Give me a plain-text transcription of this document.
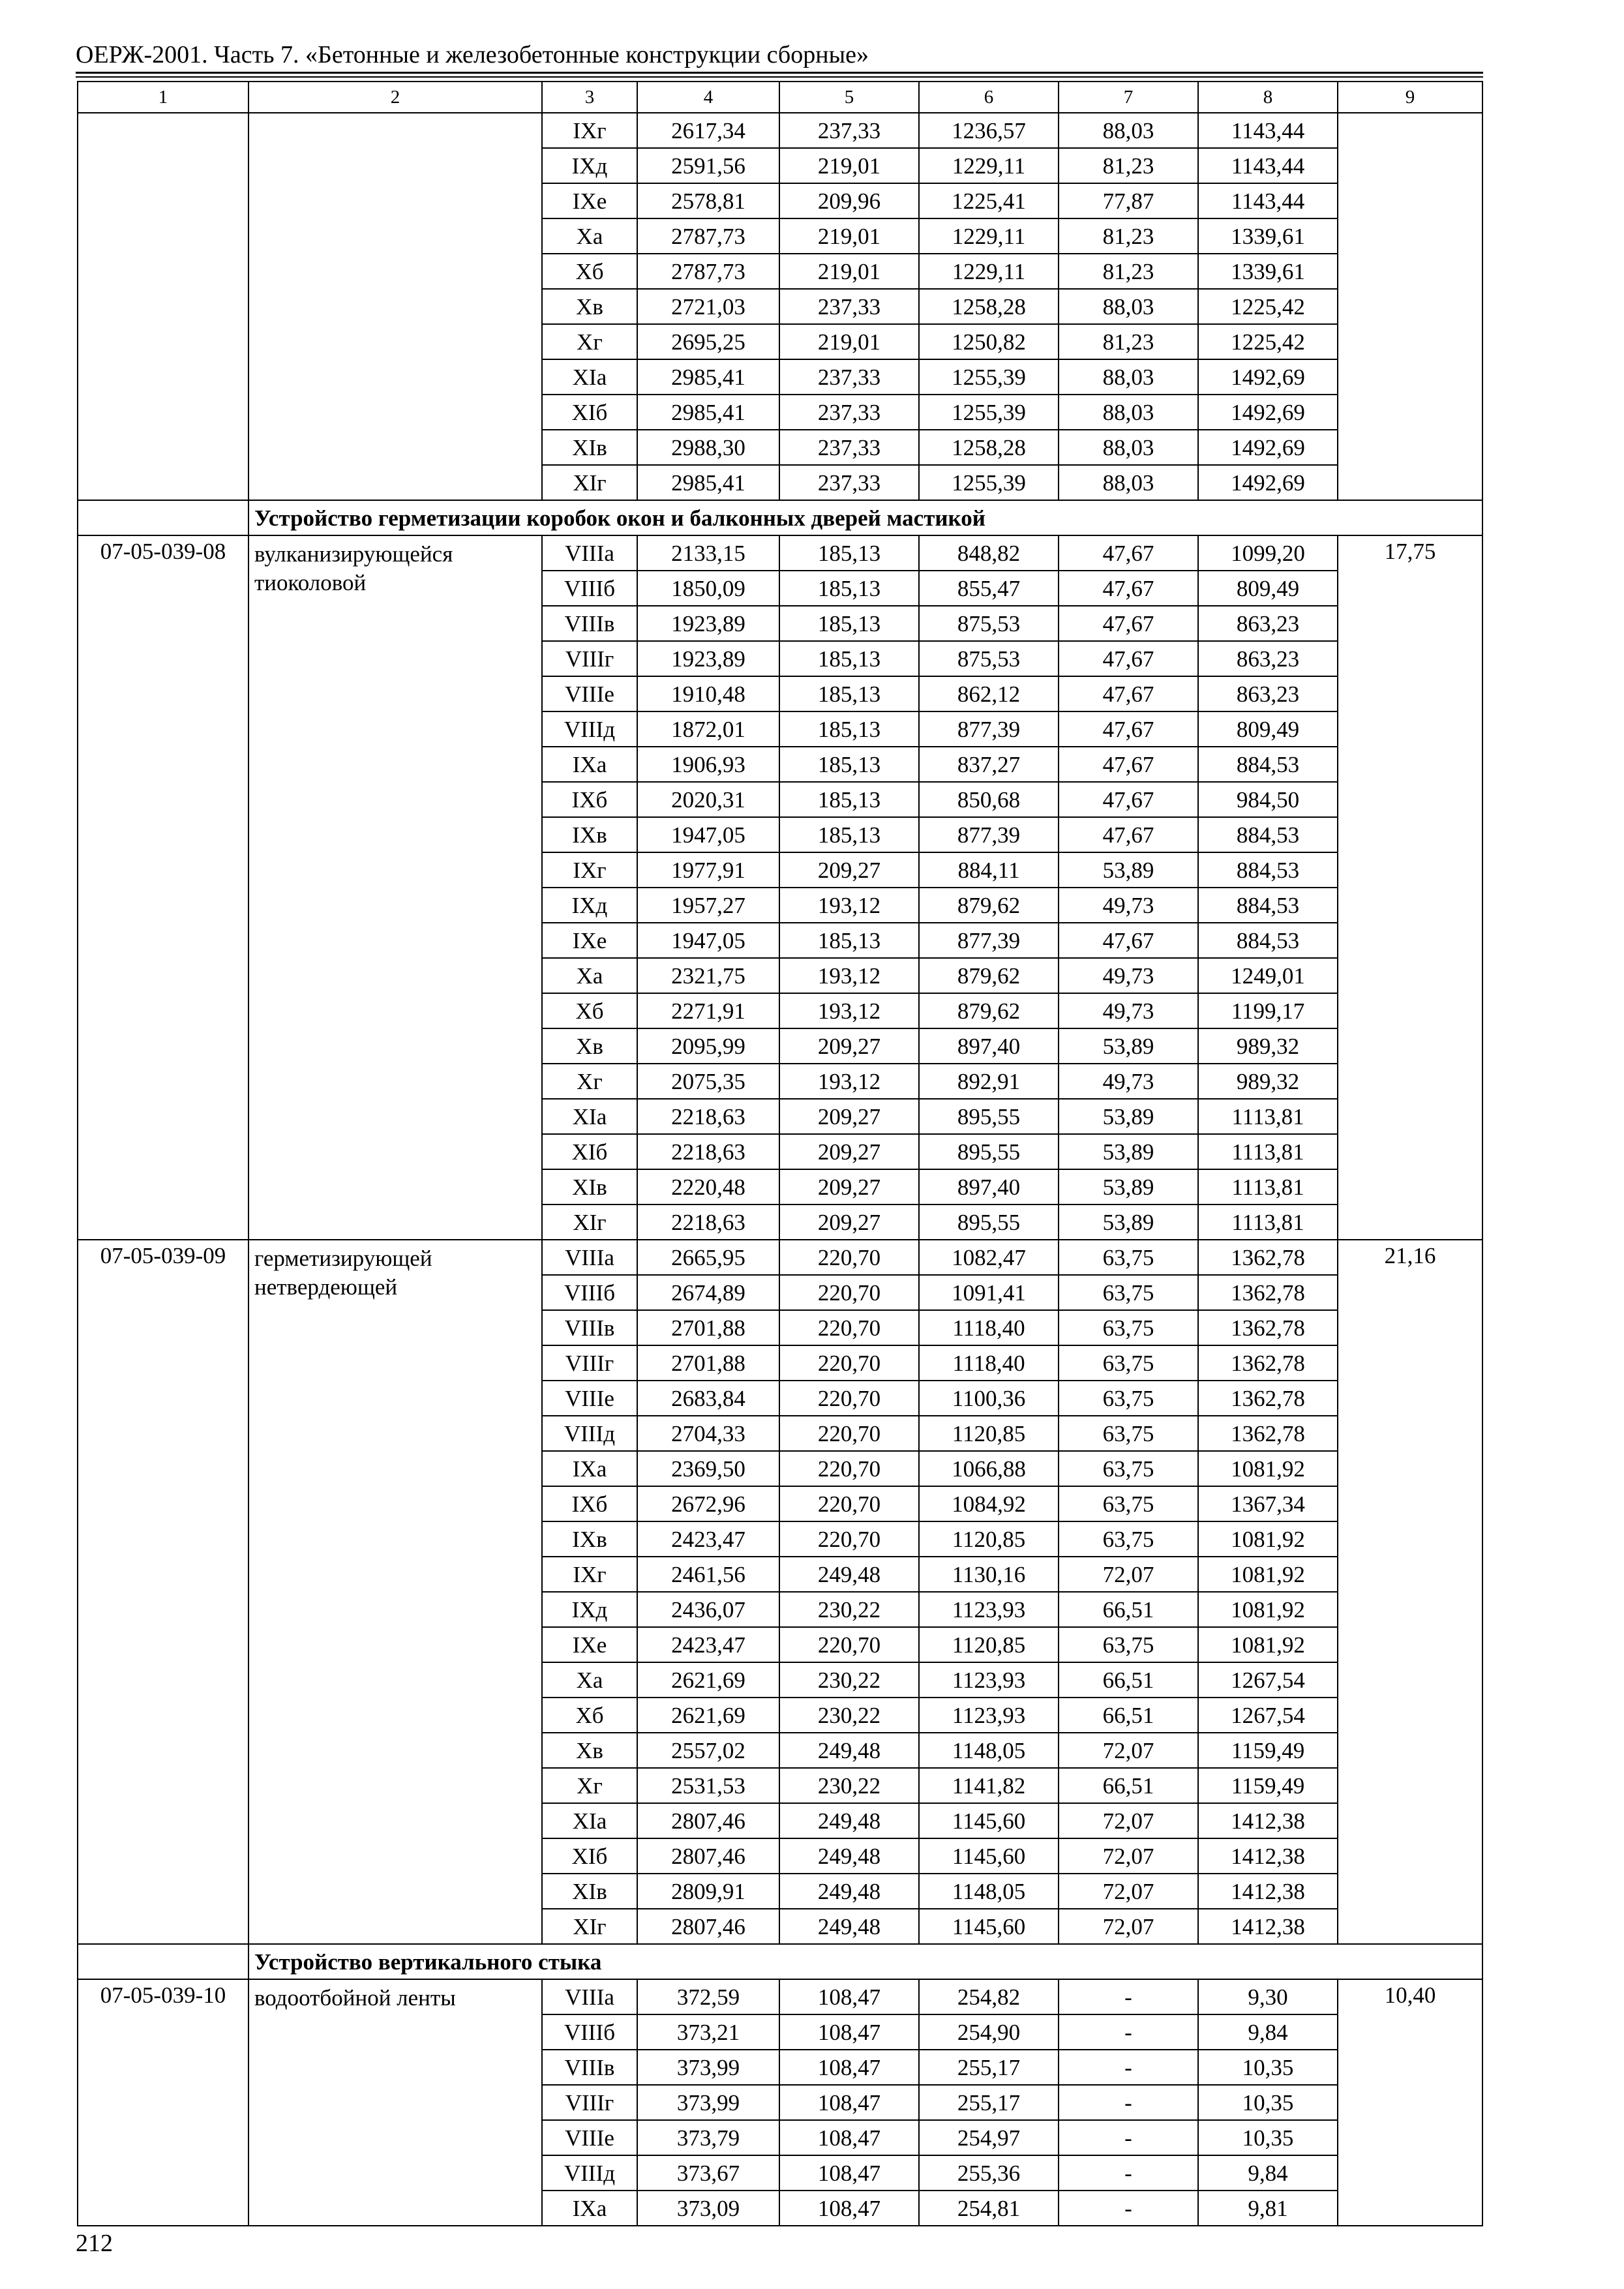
ОЕРЖ-2001. Часть 7. «Бетонные и железобетонные конструкции сборные»
1	2	3	4	5	6	7	8	9
		IXг	2617,34	237,33	1236,57	88,03	1143,44	
		IXд	2591,56	219,01	1229,11	81,23	1143,44	
		IXе	2578,81	209,96	1225,41	77,87	1143,44	
		Xa	2787,73	219,01	1229,11	81,23	1339,61	
		Xб	2787,73	219,01	1229,11	81,23	1339,61	
		Xв	2721,03	237,33	1258,28	88,03	1225,42	
		Xг	2695,25	219,01	1250,82	81,23	1225,42	
		XIa	2985,41	237,33	1255,39	88,03	1492,69	
		XIб	2985,41	237,33	1255,39	88,03	1492,69	
		XIв	2988,30	237,33	1258,28	88,03	1492,69	
		XIг	2985,41	237,33	1255,39	88,03	1492,69	
	Устройство герметизации коробок окон и балконных дверей мастикой							
07-05-039-08	вулканизирующейся тиоколовой	VIIIa	2133,15	185,13	848,82	47,67	1099,20	17,75
		VIIIб	1850,09	185,13	855,47	47,67	809,49	
		VIIIв	1923,89	185,13	875,53	47,67	863,23	
		VIIIг	1923,89	185,13	875,53	47,67	863,23	
		VIIIе	1910,48	185,13	862,12	47,67	863,23	
		VIIIд	1872,01	185,13	877,39	47,67	809,49	
		IXa	1906,93	185,13	837,27	47,67	884,53	
		IXб	2020,31	185,13	850,68	47,67	984,50	
		IXв	1947,05	185,13	877,39	47,67	884,53	
		IXг	1977,91	209,27	884,11	53,89	884,53	
		IXд	1957,27	193,12	879,62	49,73	884,53	
		IXе	1947,05	185,13	877,39	47,67	884,53	
		Xa	2321,75	193,12	879,62	49,73	1249,01	
		Xб	2271,91	193,12	879,62	49,73	1199,17	
		Xв	2095,99	209,27	897,40	53,89	989,32	
		Xг	2075,35	193,12	892,91	49,73	989,32	
		XIa	2218,63	209,27	895,55	53,89	1113,81	
		XIб	2218,63	209,27	895,55	53,89	1113,81	
		XIв	2220,48	209,27	897,40	53,89	1113,81	
		XIг	2218,63	209,27	895,55	53,89	1113,81	
07-05-039-09	герметизирующей нетвердеющей	VIIIa	2665,95	220,70	1082,47	63,75	1362,78	21,16
		VIIIб	2674,89	220,70	1091,41	63,75	1362,78	
		VIIIв	2701,88	220,70	1118,40	63,75	1362,78	
		VIIIг	2701,88	220,70	1118,40	63,75	1362,78	
		VIIIе	2683,84	220,70	1100,36	63,75	1362,78	
		VIIIд	2704,33	220,70	1120,85	63,75	1362,78	
		IXa	2369,50	220,70	1066,88	63,75	1081,92	
		IXб	2672,96	220,70	1084,92	63,75	1367,34	
		IXв	2423,47	220,70	1120,85	63,75	1081,92	
		IXг	2461,56	249,48	1130,16	72,07	1081,92	
		IXд	2436,07	230,22	1123,93	66,51	1081,92	
		IXе	2423,47	220,70	1120,85	63,75	1081,92	
		Xa	2621,69	230,22	1123,93	66,51	1267,54	
		Xб	2621,69	230,22	1123,93	66,51	1267,54	
		Xв	2557,02	249,48	1148,05	72,07	1159,49	
		Xг	2531,53	230,22	1141,82	66,51	1159,49	
		XIa	2807,46	249,48	1145,60	72,07	1412,38	
		XIб	2807,46	249,48	1145,60	72,07	1412,38	
		XIв	2809,91	249,48	1148,05	72,07	1412,38	
		XIг	2807,46	249,48	1145,60	72,07	1412,38	
	Устройство вертикального стыка							
07-05-039-10	водоотбойной ленты	VIIIa	372,59	108,47	254,82	-	9,30	10,40
		VIIIб	373,21	108,47	254,90	-	9,84	
		VIIIв	373,99	108,47	255,17	-	10,35	
		VIIIг	373,99	108,47	255,17	-	10,35	
		VIIIе	373,79	108,47	254,97	-	10,35	
		VIIIд	373,67	108,47	255,36	-	9,84	
		IXa	373,09	108,47	254,81	-	9,81	
212
